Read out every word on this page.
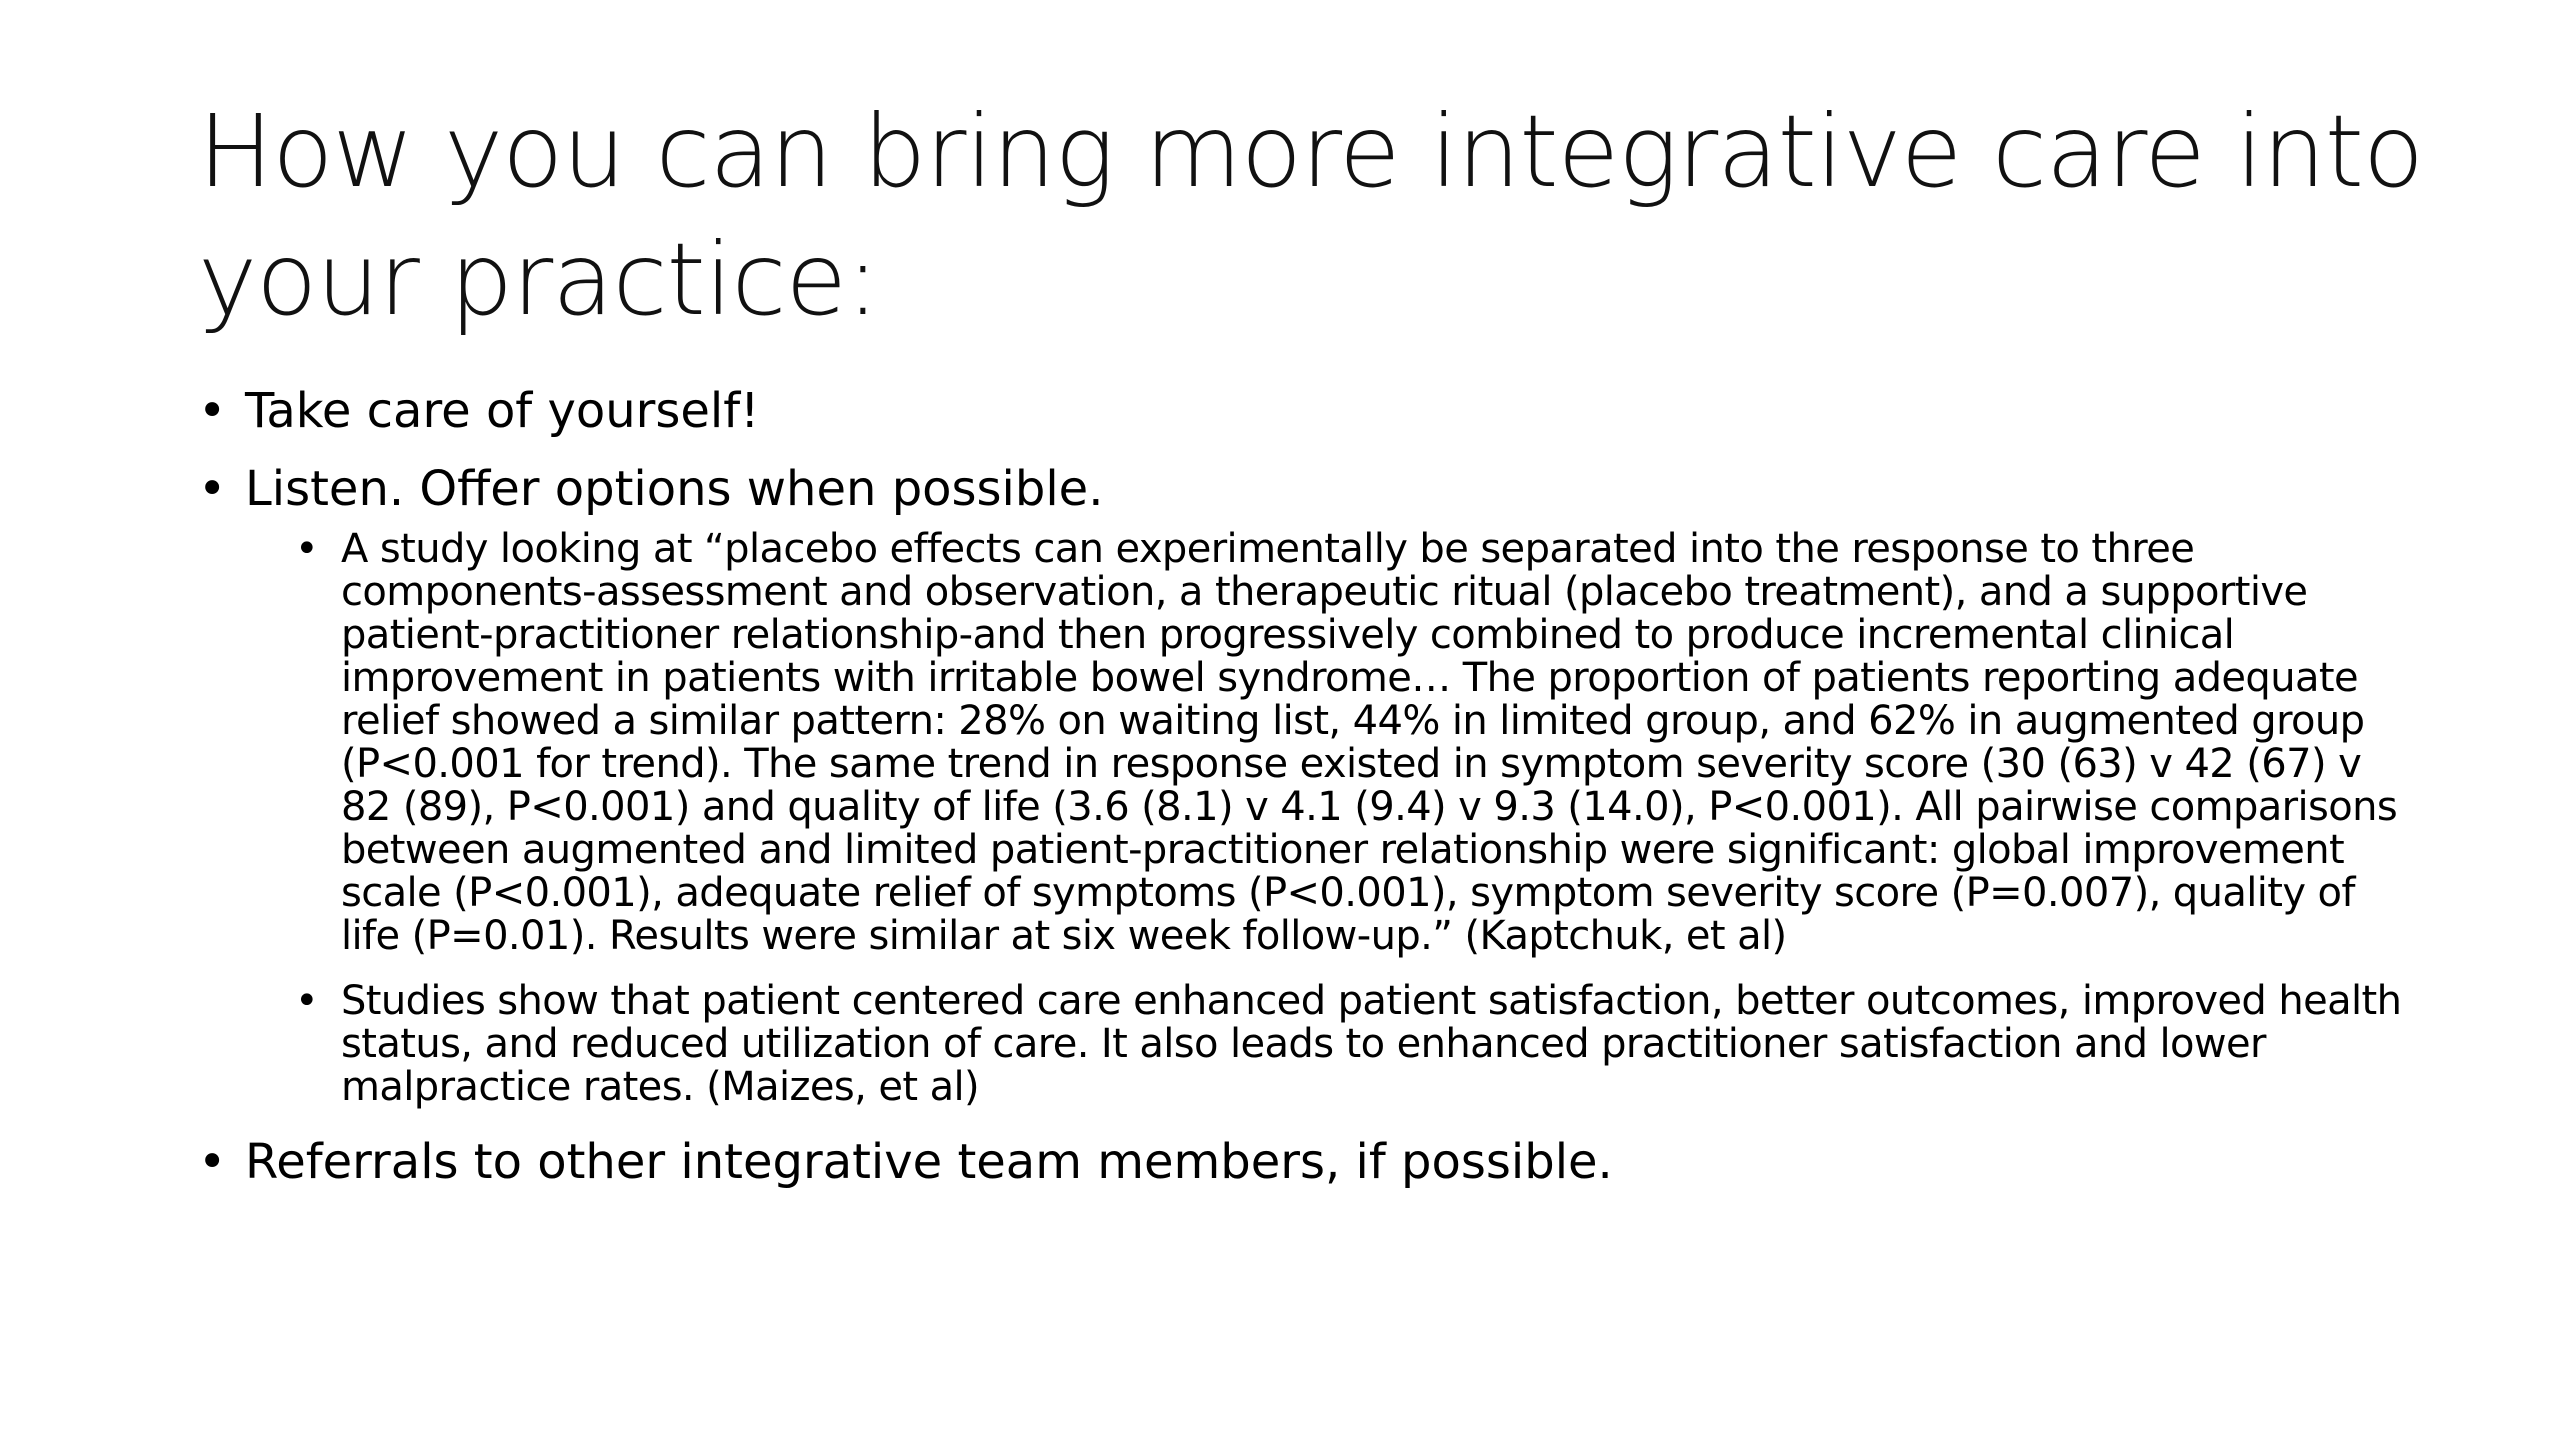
How you can bring more integrative care into your practice:
• Take care of yourself!
• Listen. Offer options when possible.
• A study looking at “placebo effects can experimentally be separated into the response to three components-assessment and observation, a therapeutic ritual (placebo treatment), and a supportive patient-practitioner relationship-and then progressively combined to produce incremental clinical improvement in patients with irritable bowel syndrome… The proportion of patients reporting adequate relief showed a similar pattern: 28% on waiting list, 44% in limited group, and 62% in augmented group (P<0.001 for trend). The same trend in response existed in symptom severity score (30 (63) v 42 (67) v 82 (89), P<0.001) and quality of life (3.6 (8.1) v 4.1 (9.4) v 9.3 (14.0), P<0.001). All pairwise comparisons between augmented and limited patient-practitioner relationship were significant: global improvement scale (P<0.001), adequate relief of symptoms (P<0.001), symptom severity score (P=0.007), quality of life (P=0.01). Results were similar at six week follow-up.” (Kaptchuk, et al)
• Studies show that patient centered care enhanced patient satisfaction, better outcomes, improved health status, and reduced utilization of care. It also leads to enhanced practitioner satisfaction and lower malpractice rates. (Maizes, et al)
• Referrals to other integrative team members, if possible.
